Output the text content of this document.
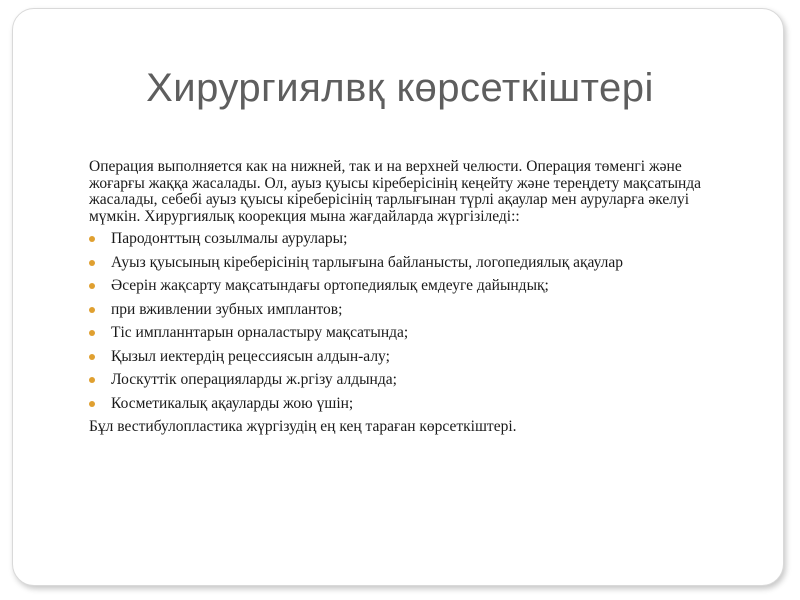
Хирургиялвқ көрсеткіштері

Операция выполняется как на нижней, так и на верхней челюсти. Операция төменгі және жоғарғы жаққа жасалады. Ол, ауыз қуысы кіреберісінің кеңейту және тереңдету мақсатында жасалады, себебі ауыз қуысы кіреберісінің тарлығынан түрлі ақаулар мен ауруларға әкелуі мүмкін. Хирургиялық коорекция мына жағдайларда жүргізіледі::

Пародонттың созылмалы аурулары;
Ауыз қуысының кіреберісінің тарлығына байланысты, логопедиялық ақаулар
Әсерін жақсарту мақсатындағы ортопедиялық емдеуге дайындық;
при вживлении зубных имплантов;
Тіс импланнтарын орналастыру мақсатында;
Қызыл иектердің рецессиясын алдын-алу;
Лоскуттік операцияларды ж.ргізу алдында;
Косметикалық ақауларды жою үшін;

Бұл вестибулопластика жүргізудің ең кең тараған көрсеткіштері.
